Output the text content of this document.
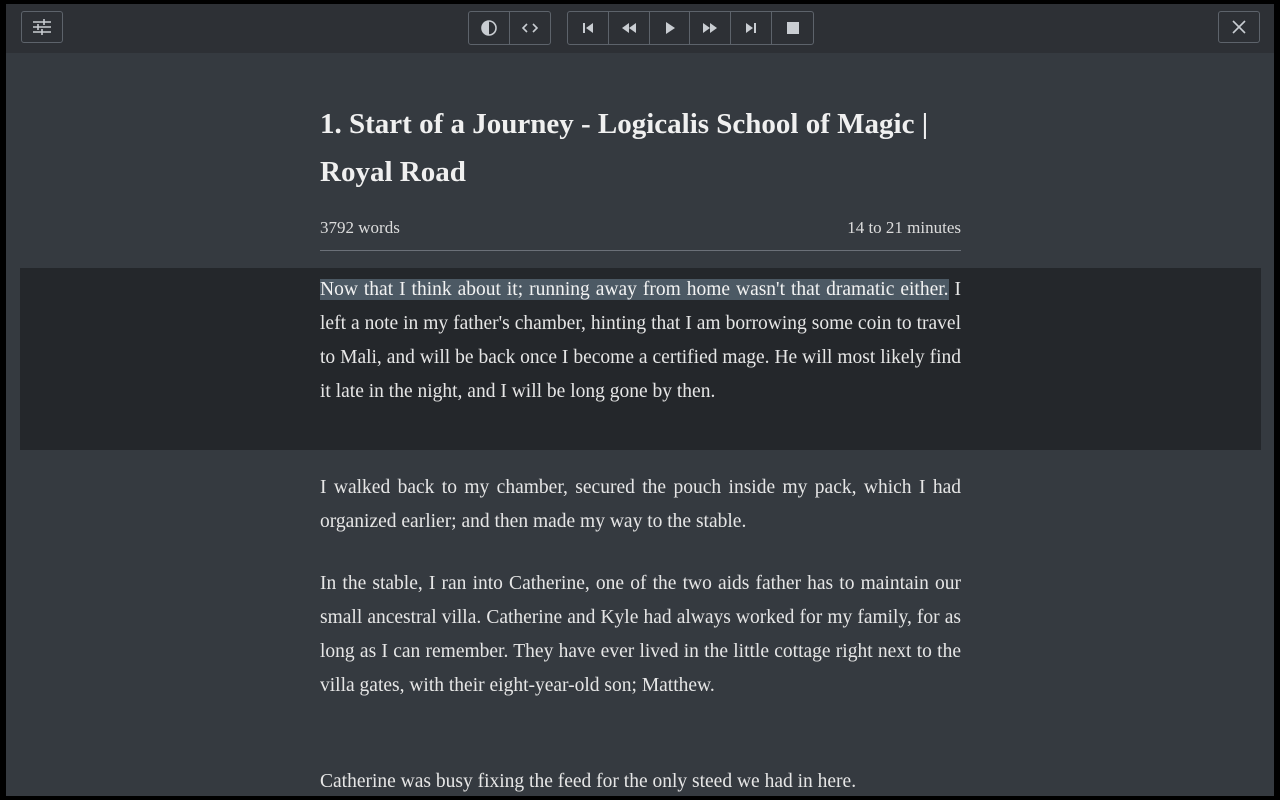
1. Start of a Journey - Logicalis School of Magic | Royal Road
3792 words	14 to 21 minutes

Now that I think about it; running away from home wasn't that dramatic either. I left a note in my father's chamber, hinting that I am borrowing some coin to travel to Mali, and will be back once I become a certified mage. He will most likely find it late in the night, and I will be long gone by then.

I walked back to my chamber, secured the pouch inside my pack, which I had organized earlier; and then made my way to the stable.

In the stable, I ran into Catherine, one of the two aids father has to maintain our small ancestral villa. Catherine and Kyle had always worked for my family, for as long as I can remember. They have ever lived in the little cottage right next to the villa gates, with their eight-year-old son; Matthew.

Catherine was busy fixing the feed for the only steed we had in here.
